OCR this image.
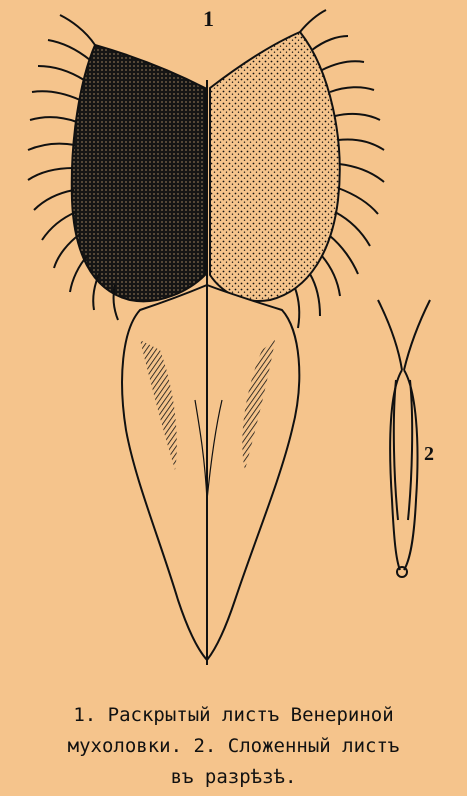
1
2
1. Раскрытый листъ Венериной
мухоловки. 2. Сложенный листъ
въ разрѣзѣ.
